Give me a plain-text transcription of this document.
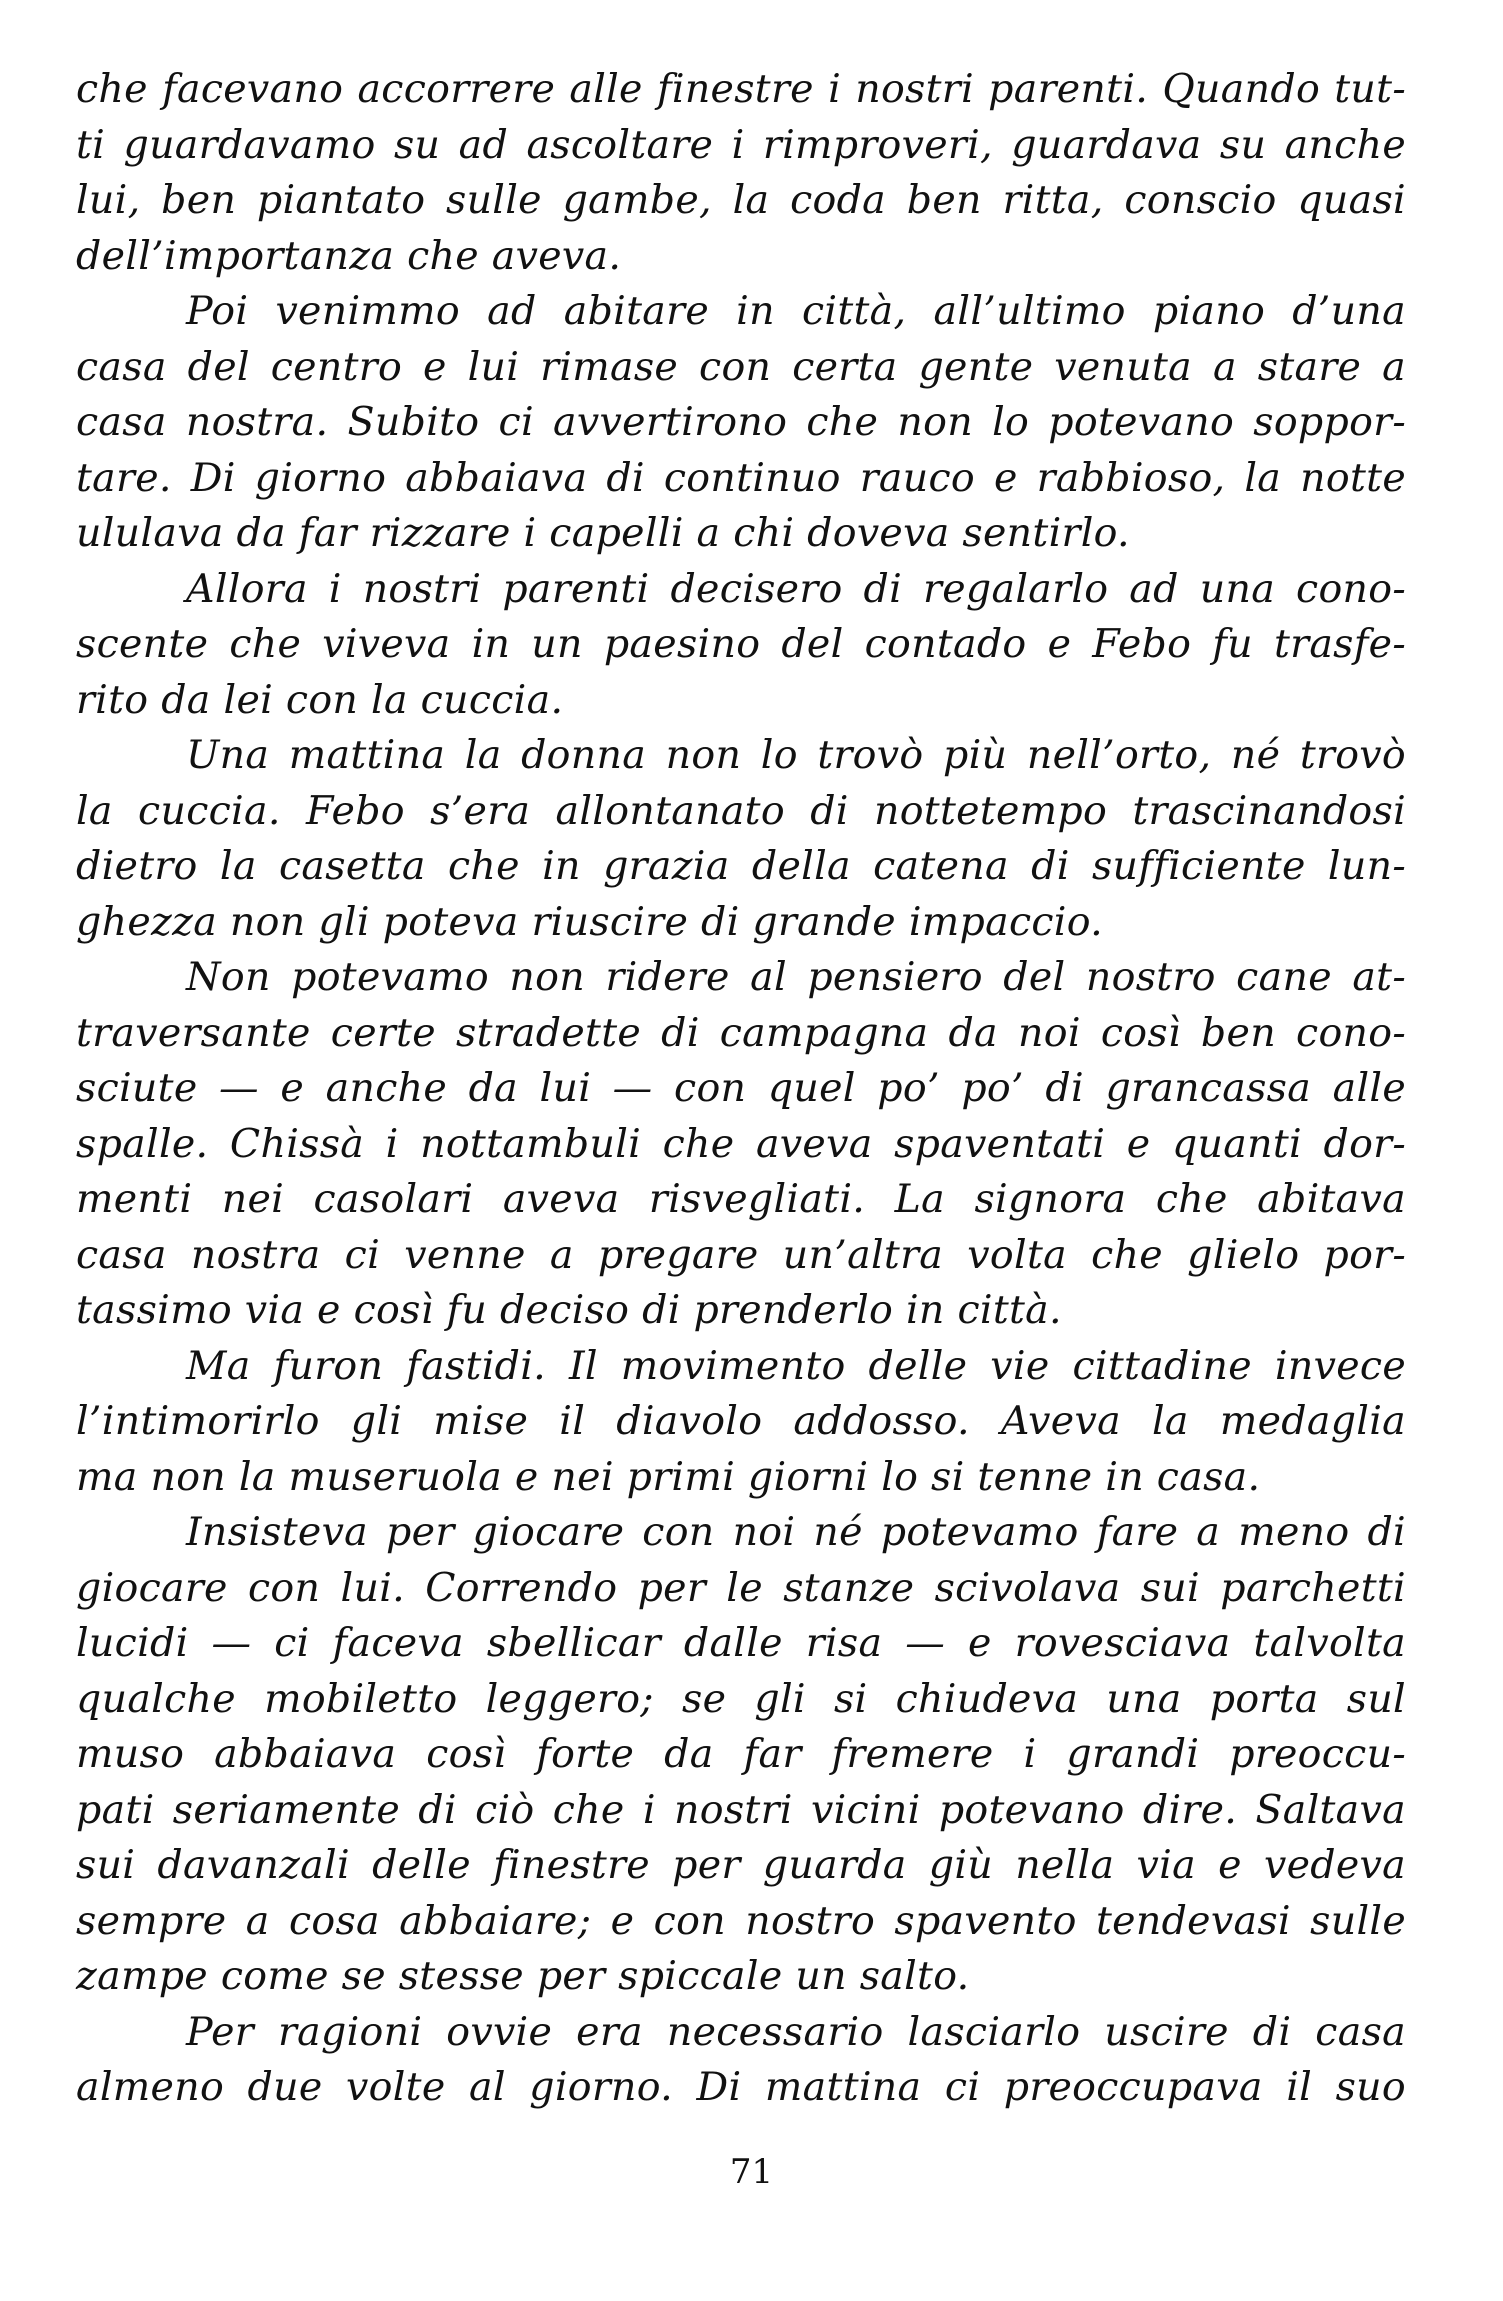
che facevano accorrere alle finestre i nostri parenti. Quando tut-
ti guardavamo su ad ascoltare i rimproveri, guardava su anche
lui, ben piantato sulle gambe, la coda ben ritta, conscio quasi
dell’importanza che aveva.
Poi venimmo ad abitare in città, all’ultimo piano d’una
casa del centro e lui rimase con certa gente venuta a stare a
casa nostra. Subito ci avvertirono che non lo potevano soppor-
tare. Di giorno abbaiava di continuo rauco e rabbioso, la notte
ululava da far rizzare i capelli a chi doveva sentirlo.
Allora i nostri parenti decisero di regalarlo ad una cono-
scente che viveva in un paesino del contado e Febo fu trasfe-
rito da lei con la cuccia.
Una mattina la donna non lo trovò più nell’orto, né trovò
la cuccia. Febo s’era allontanato di nottetempo trascinandosi
dietro la casetta che in grazia della catena di sufficiente lun-
ghezza non gli poteva riuscire di grande impaccio.
Non potevamo non ridere al pensiero del nostro cane at-
traversante certe stradette di campagna da noi così ben cono-
sciute — e anche da lui — con quel po’ po’ di grancassa alle
spalle. Chissà i nottambuli che aveva spaventati e quanti dor-
menti nei casolari aveva risvegliati. La signora che abitava
casa nostra ci venne a pregare un’altra volta che glielo por-
tassimo via e così fu deciso di prenderlo in città.
Ma furon fastidi. Il movimento delle vie cittadine invece
l’intimorirlo gli mise il diavolo addosso. Aveva la medaglia
ma non la museruola e nei primi giorni lo si tenne in casa.
Insisteva per giocare con noi né potevamo fare a meno di
giocare con lui. Correndo per le stanze scivolava sui parchetti
lucidi — ci faceva sbellicar dalle risa — e rovesciava talvolta
qualche mobiletto leggero; se gli si chiudeva una porta sul
muso abbaiava così forte da far fremere i grandi preoccu-
pati seriamente di ciò che i nostri vicini potevano dire. Saltava
sui davanzali delle finestre per guarda giù nella via e vedeva
sempre a cosa abbaiare; e con nostro spavento tendevasi sulle
zampe come se stesse per spiccale un salto.
Per ragioni ovvie era necessario lasciarlo uscire di casa
almeno due volte al giorno. Di mattina ci preoccupava il suo
71
